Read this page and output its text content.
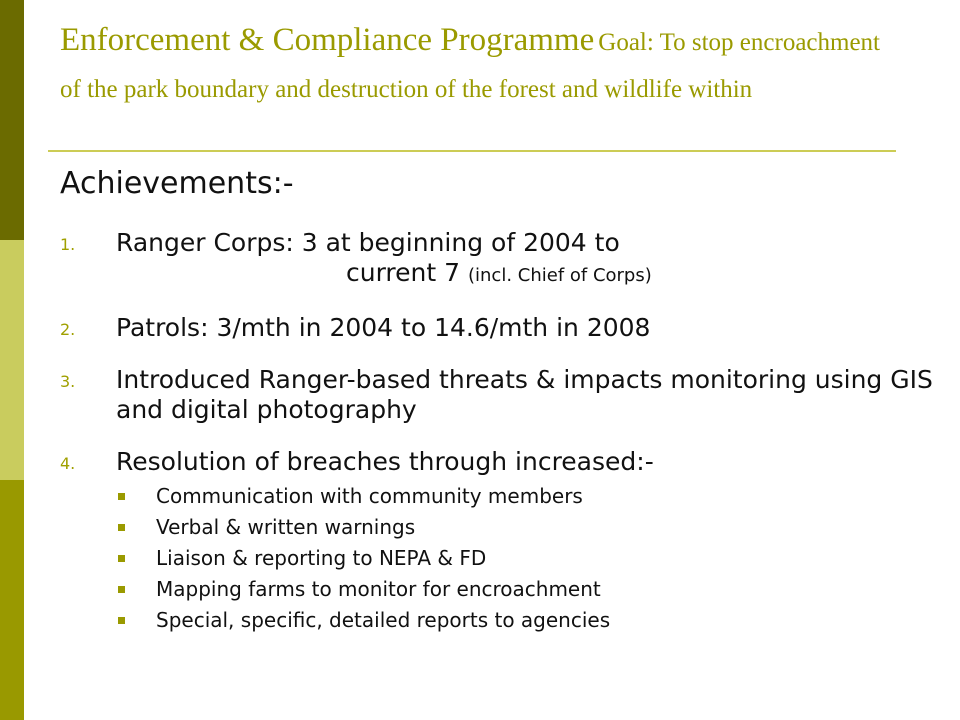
Enforcement & Compliance Programme Goal: To stop encroachment of the park boundary and destruction of the forest and wildlife within
Achievements:-
1. Ranger Corps: 3 at beginning of 2004 to
current 7 (incl. Chief of Corps)
2. Patrols: 3/mth in 2004 to 14.6/mth in 2008
3. Introduced Ranger-based threats & impacts monitoring using GIS and digital photography
4. Resolution of breaches through increased:-
Communication with community members
Verbal & written warnings
Liaison & reporting to NEPA & FD
Mapping farms to monitor for encroachment
Special, specific, detailed reports to agencies
